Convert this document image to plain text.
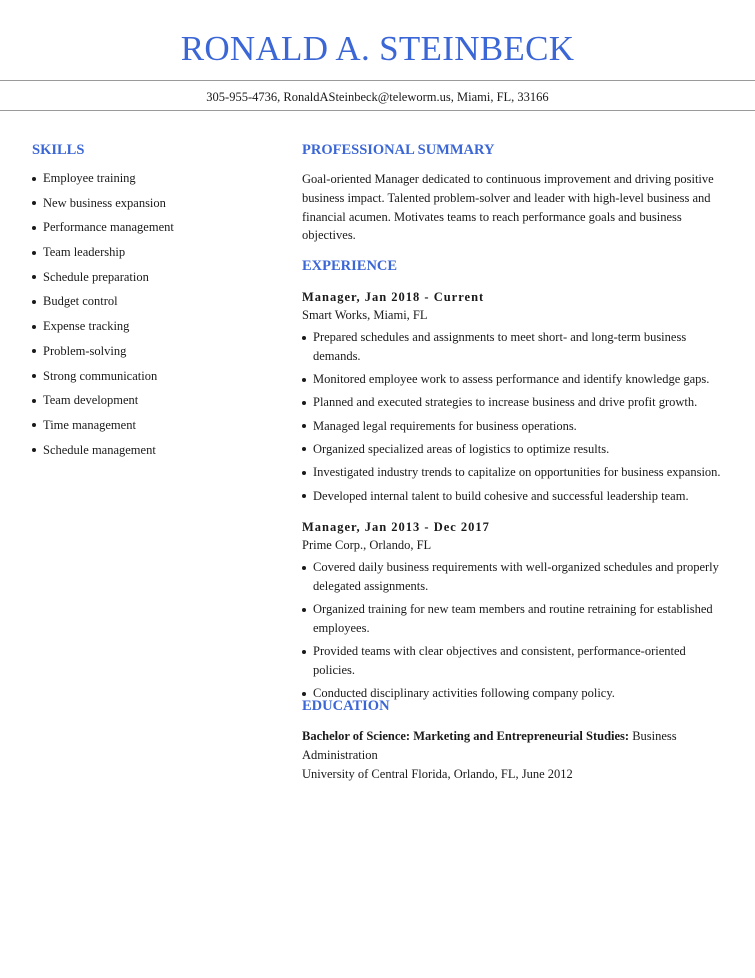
RONALD A. STEINBECK
305-955-4736, RonaldASteinbeck@teleworm.us, Miami, FL, 33166
SKILLS
Employee training
New business expansion
Performance management
Team leadership
Schedule preparation
Budget control
Expense tracking
Problem-solving
Strong communication
Team development
Time management
Schedule management
PROFESSIONAL SUMMARY
Goal-oriented Manager dedicated to continuous improvement and driving positive business impact. Talented problem-solver and leader with high-level business and financial acumen. Motivates teams to reach performance goals and business objectives.
EXPERIENCE
Manager, Jan 2018 - Current
Smart Works, Miami, FL
Prepared schedules and assignments to meet short- and long-term business demands.
Monitored employee work to assess performance and identify knowledge gaps.
Planned and executed strategies to increase business and drive profit growth.
Managed legal requirements for business operations.
Organized specialized areas of logistics to optimize results.
Investigated industry trends to capitalize on opportunities for business expansion.
Developed internal talent to build cohesive and successful leadership team.
Manager, Jan 2013 - Dec 2017
Prime Corp., Orlando, FL
Covered daily business requirements with well-organized schedules and properly delegated assignments.
Organized training for new team members and routine retraining for established employees.
Provided teams with clear objectives and consistent, performance-oriented policies.
Conducted disciplinary activities following company policy.
EDUCATION
Bachelor of Science: Marketing and Entrepreneurial Studies: Business Administration
University of Central Florida, Orlando, FL, June 2012
